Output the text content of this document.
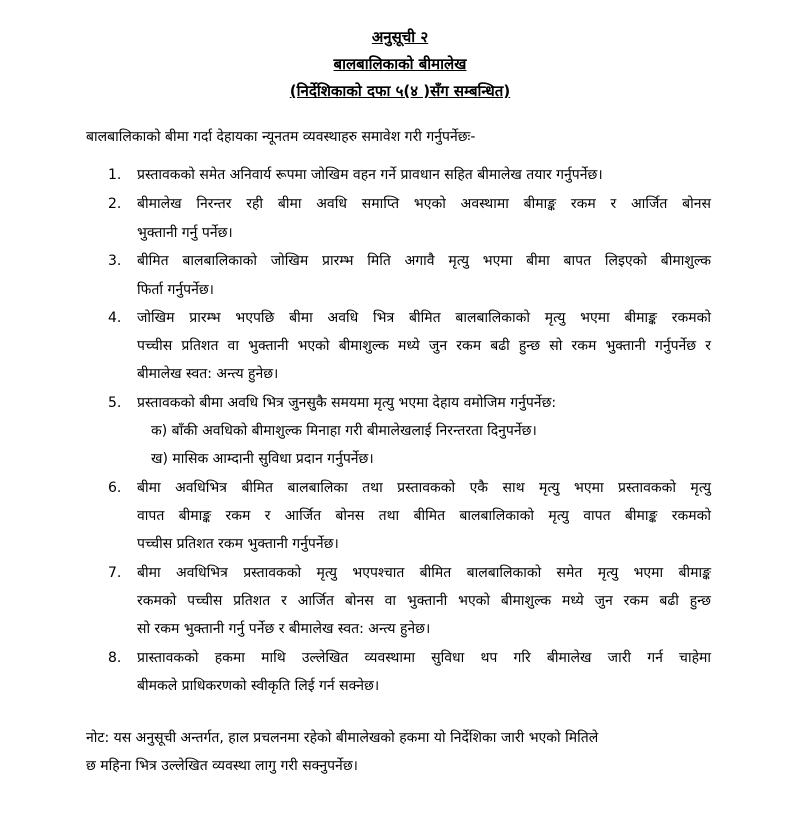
अनुसूची २
बालबालिकाको बीमालेख
(निर्देशिकाको दफा ५(४ )सँग सम्बन्धित)
बालबालिकाको बीमा गर्दा देहायका न्यूनतम व्यवस्थाहरु समावेश गरी गर्नुपर्नेछः-
1.	प्रस्तावकको समेत अनिवार्य रूपमा जोखिम वहन गर्ने प्रावधान सहित बीमालेख तयार गर्नुपर्नेछ।
2.	बीमालेख निरन्तर रही बीमा अवधि समाप्ति भएको अवस्थामा बीमाङ्क रकम र आर्जित बोनस
भुक्तानी गर्नु पर्नेछ।
3.	बीमित बालबालिकाको जोखिम प्रारम्भ मिति अगावै मृत्यु भएमा बीमा बापत लिइएको बीमाशुल्क
फिर्ता गर्नुपर्नेछ।
4.	जोखिम प्रारम्भ भएपछि बीमा अवधि भित्र बीमित बालबालिकाको मृत्यु भएमा बीमाङ्क रकमको
पच्चीस प्रतिशत वा भुक्तानी भएको बीमाशुल्क मध्ये जुन रकम बढी हुन्छ सो रकम भुक्तानी गर्नुपर्नेछ र
बीमालेख स्वत: अन्त्य हुनेछ।
5.	प्रस्तावकको बीमा अवधि भित्र जुनसुकै समयमा मृत्यु भएमा देहाय वमोजिम गर्नुपर्नेछ:
क) बाँकी अवधिको बीमाशुल्क मिनाहा गरी बीमालेखलाई निरन्तरता दिनुपर्नेछ।
ख) मासिक आम्दानी सुविधा प्रदान गर्नुपर्नेछ।
6.	बीमा अवधिभित्र बीमित बालबालिका तथा प्रस्तावकको एकै साथ मृत्यु भएमा प्रस्तावकको मृत्यु
वापत बीमाङ्क रकम र आर्जित बोनस तथा बीमित बालबालिकाको मृत्यु वापत बीमाङ्क रकमको
पच्चीस प्रतिशत रकम भुक्तानी गर्नुपर्नेछ।
7.	बीमा अवधिभित्र प्रस्तावकको मृत्यु भएपश्चात बीमित बालबालिकाको समेत मृत्यु भएमा बीमाङ्क
रकमको पच्चीस प्रतिशत र आर्जित बोनस वा भुक्तानी भएको बीमाशुल्क मध्ये जुन रकम बढी हुन्छ
सो रकम भुक्तानी गर्नु पर्नेछ र बीमालेख स्वत: अन्त्य हुनेछ।
8.	प्रास्तावकको हकमा माथि उल्लेखित व्यवस्थामा सुविधा थप गरि बीमालेख जारी गर्न चाहेमा
बीमकले प्राधिकरणको स्वीकृति लिई गर्न सक्नेछ।
नोट: यस अनुसूची अन्तर्गत, हाल प्रचलनमा रहेको बीमालेखको हकमा यो निर्देशिका जारी भएको मितिले
छ महिना भित्र उल्लेखित व्यवस्था लागु गरी सक्नुपर्नेछ।
